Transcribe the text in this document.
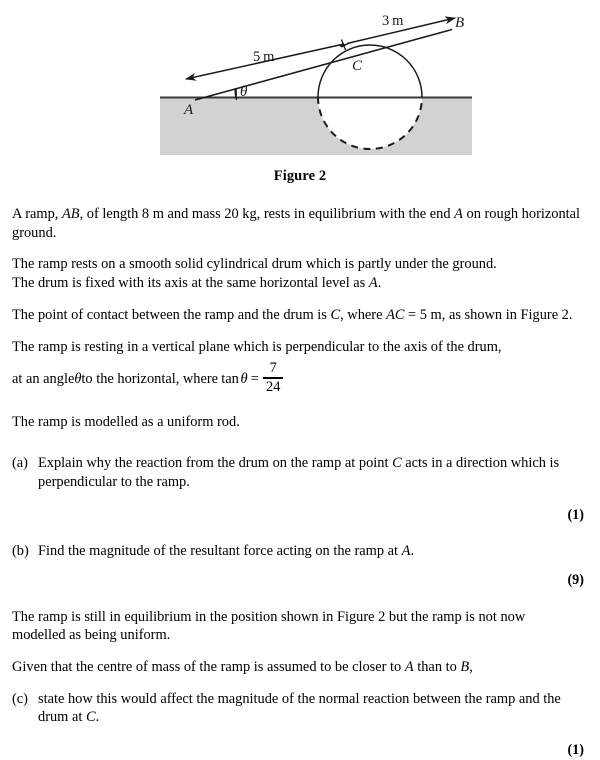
A
B
C
θ
5 m
3 m

Figure 2

A ramp, AB, of length 8 m and mass 20 kg, rests in equilibrium with the end A on rough horizontal ground.

The ramp rests on a smooth solid cylindrical drum which is partly under the ground.
The drum is fixed with its axis at the same horizontal level as A.

The point of contact between the ramp and the drum is C, where AC = 5 m, as shown in Figure 2.

The ramp is resting in a vertical plane which is perpendicular to the axis of the drum,
at an angle θ to the horizontal, where $\tan \theta = \frac{7}{24}$

The ramp is modelled as a uniform rod.

(a) Explain why the reaction from the drum on the ramp at point C acts in a direction which is perpendicular to the ramp.

(1)

(b) Find the magnitude of the resultant force acting on the ramp at A.

(9)

The ramp is still in equilibrium in the position shown in Figure 2 but the ramp is not now
modelled as being uniform.

Given that the centre of mass of the ramp is assumed to be closer to A than to B,

(c) state how this would affect the magnitude of the normal reaction between the ramp and the drum at C.

(1)
